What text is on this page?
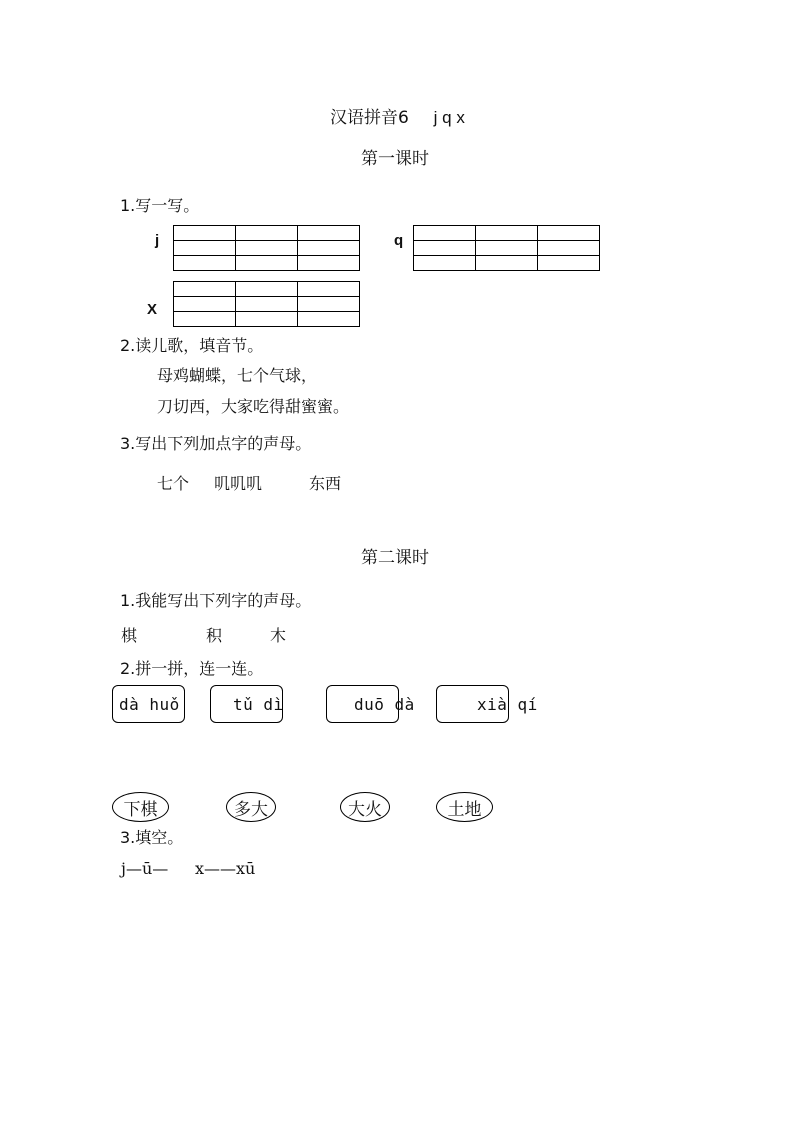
汉语拼音6 j q x
第一课时
1.写一写。
j

			q

X

2.读儿歌，填音节。
母鸡蝴蝶，七个气球，
刀切西，大家吃得甜蜜蜜。
3.写出下列加点字的声母。
七个 叽叽叽	东西
第二课时
1.我能写出下列字的声母。
棋	积	木
2.拼一拼，连一连。
dà huǒ	tǔ dì	duō dà	xià qí
下棋	多大	大火	土地
3.填空。
j—ū— x——xū
